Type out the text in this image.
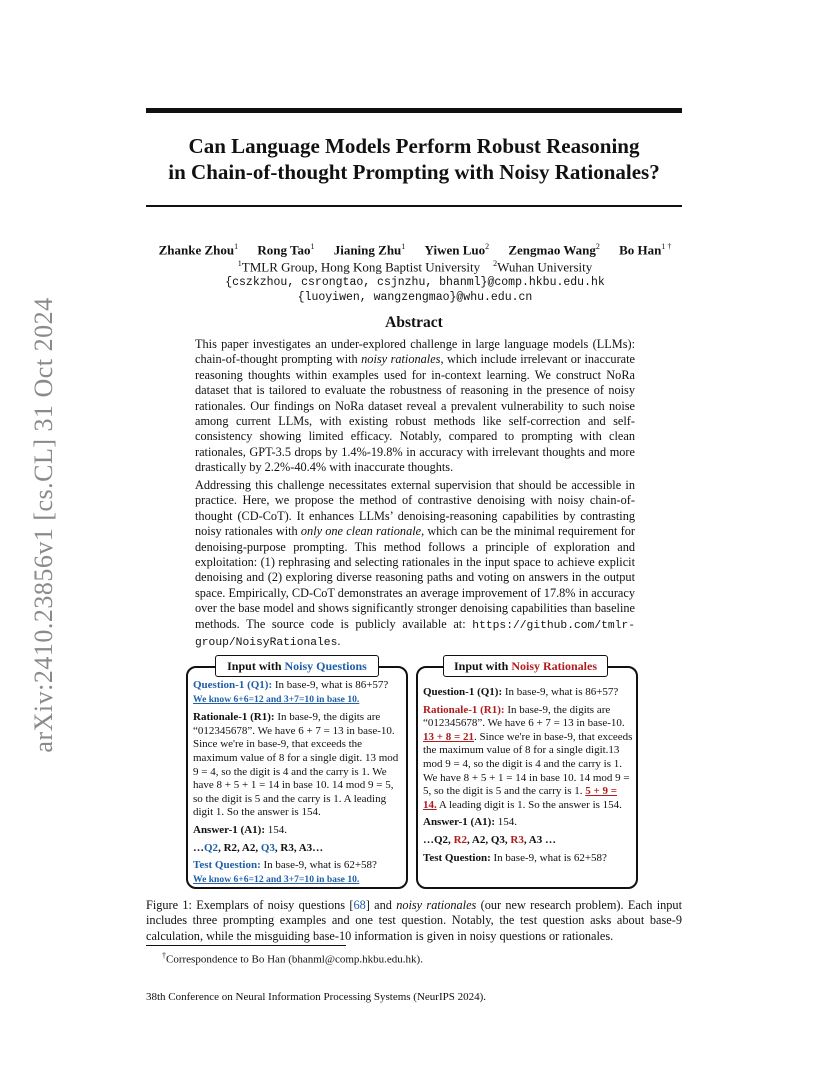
arXiv:2410.23856v1 [cs.CL] 31 Oct 2024
Can Language Models Perform Robust Reasoning
in Chain-of-thought Prompting with Noisy Rationales?
Zhanke Zhou$^1$ Rong Tao$^1$ Jianing Zhu$^1$ Yiwen Luo$^2$ Zengmao Wang$^2$ Bo Han$^{1 \dagger}$
$^1$TMLR Group, Hong Kong Baptist University $^2$Wuhan University
{cszkzhou, csrongtao, csjnzhu, bhanml}@comp.hkbu.edu.hk
{luoyiwen, wangzengmao}@whu.edu.cn
Abstract
This paper investigates an under-explored challenge in large language models (LLMs): chain-of-thought prompting with noisy rationales, which include irrelevant or inaccurate reasoning thoughts within examples used for in-context learning. We construct NoRa dataset that is tailored to evaluate the robustness of reasoning in the presence of noisy rationales. Our findings on NoRa dataset reveal a prevalent vulnerability to such noise among current LLMs, with existing robust methods like self-correction and self-consistency showing limited efficacy. Notably, compared to prompting with clean rationales, GPT-3.5 drops by 1.4%-19.8% in accuracy with irrelevant thoughts and more drastically by 2.2%-40.4% with inaccurate thoughts.
Addressing this challenge necessitates external supervision that should be accessible in practice. Here, we propose the method of contrastive denoising with noisy chain-of-thought (CD-CoT). It enhances LLMs’ denoising-reasoning capabilities by contrasting noisy rationales with only one clean rationale, which can be the minimal requirement for denoising-purpose prompting. This method follows a principle of exploration and exploitation: (1) rephrasing and selecting rationales in the input space to achieve explicit denoising and (2) exploring diverse reasoning paths and voting on answers in the output space. Empirically, CD-CoT demonstrates an average improvement of 17.8% in accuracy over the base model and shows significantly stronger denoising capabilities than baseline methods. The source code is publicly available at: https://github.com/tmlr-group/NoisyRationales.
Input with Noisy Questions

Question-1 (Q1): In base-9, what is 86+57?

We know 6+6=12 and 3+7=10 in base 10.

Rationale-1 (R1): In base-9, the digits are “012345678”. We have 6 + 7 = 13 in base-10. Since we're in base-9, that exceeds the maximum value of 8 for a single digit. 13 mod 9 = 4, so the digit is 4 and the carry is 1. We have 8 + 5 + 1 = 14 in base 10. 14 mod 9 = 5, so the digit is 5 and the carry is 1. A leading digit 1. So the answer is 154.

Answer-1 (A1): 154.

…Q2, R2, A2, Q3, R3, A3…

Test Question: In base-9, what is 62+58?

We know 6+6=12 and 3+7=10 in base 10.

Input with Noisy Rationales

Question-1 (Q1): In base-9, what is 86+57?

Rationale-1 (R1): In base-9, the digits are “012345678”. We have 6 + 7 = 13 in base-10. 13 + 8 = 21. Since we're in base-9, that exceeds the maximum value of 8 for a single digit.13 mod 9 = 4, so the digit is 4 and the carry is 1. We have 8 + 5 + 1 = 14 in base 10. 14 mod 9 = 5, so the digit is 5 and the carry is 1. 5 + 9 = 14. A leading digit is 1. So the answer is 154.

Answer-1 (A1): 154.

…Q2, R2, A2, Q3, R3, A3 …

Test Question: In base-9, what is 62+58?

Figure 1: Exemplars of noisy questions [68] and noisy rationales (our new research problem). Each input includes three prompting examples and one test question. Notably, the test question asks about base-9 calculation, while the misguiding base-10 information is given in noisy questions or rationales.
†Correspondence to Bo Han (bhanml@comp.hkbu.edu.hk).
38th Conference on Neural Information Processing Systems (NeurIPS 2024).
